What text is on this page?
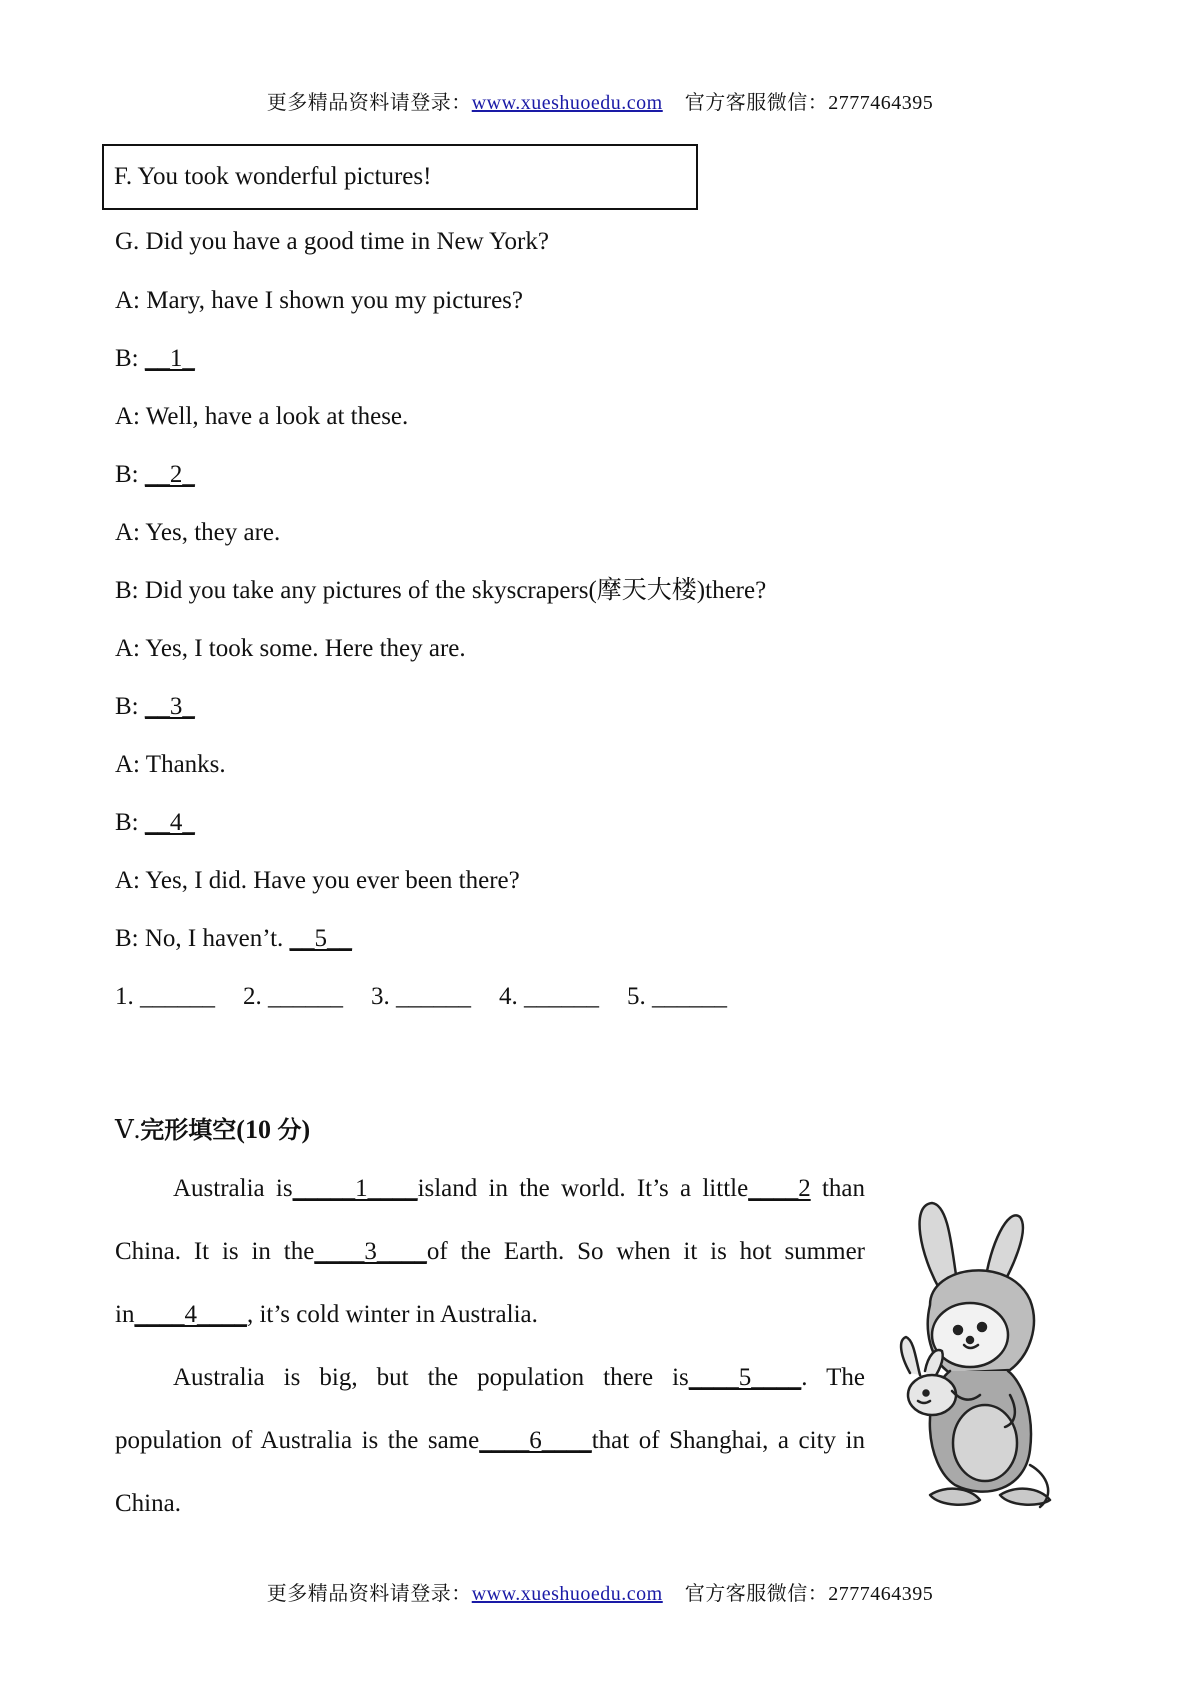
更多精品资料请登录：www.xueshuoedu.com 官方客服微信：2777464395
F. You took wonderful pictures!
G. Did you have a good time in New York?
A: Mary, have I shown you my pictures?
B: __1_
A: Well, have a look at these.
B: __2_
A: Yes, they are.
B: Did you take any pictures of the skyscrapers(摩天大楼)there?
A: Yes, I took some. Here they are.
B: __3_
A: Thanks.
B: __4_
A: Yes, I did. Have you ever been there?
B: No, I haven’t. __5__
1. ______ 2. ______ 3. ______ 4. ______ 5. ______
Ⅴ.完形填空(10 分)

Australia is_____1____island in the world. It’s a little____2 than China. It is in the____3____of the Earth. So when it is hot summer in____4____, it’s cold winter in Australia.

Australia is big, but the population there is____5____. The population of Australia is the same____6____that of Shanghai, a city in China.

更多精品资料请登录：www.xueshuoedu.com 官方客服微信：2777464395
